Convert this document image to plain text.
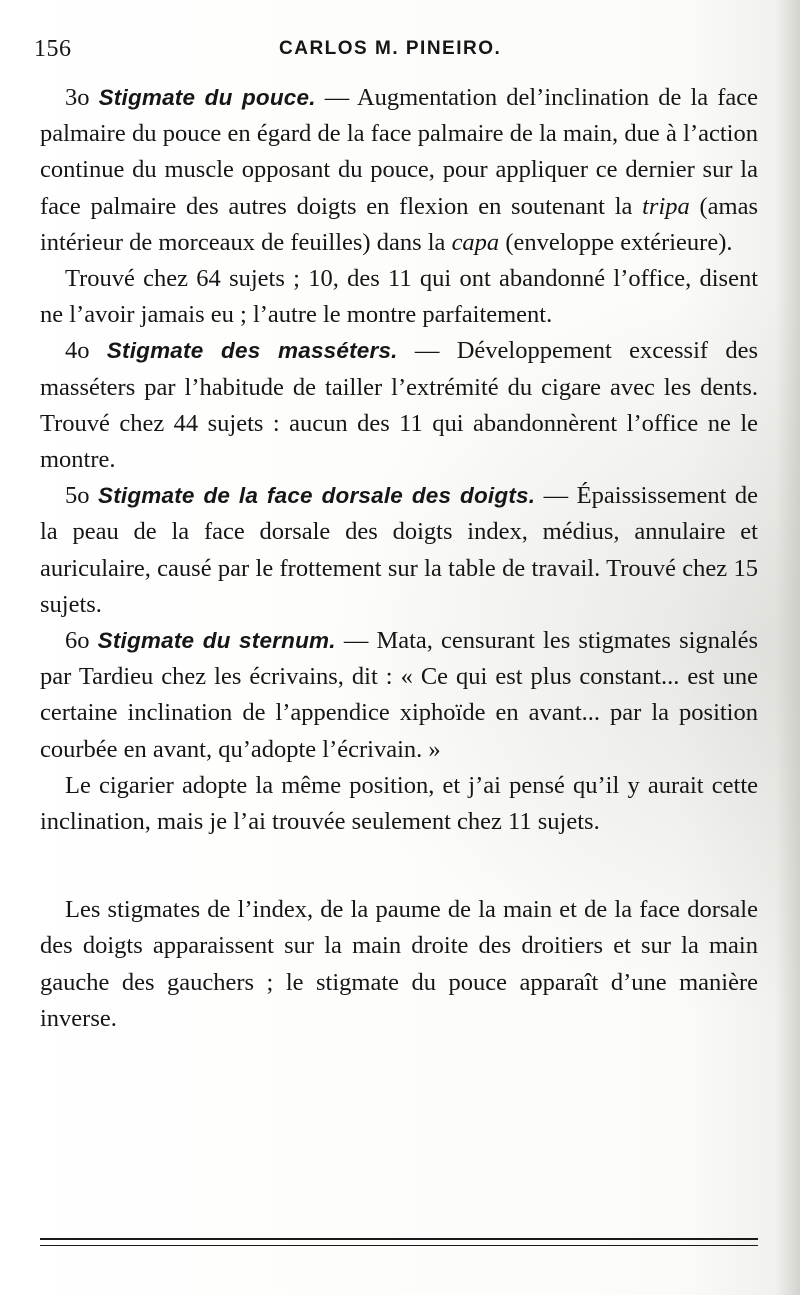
156	CARLOS M. PINEIRO.

3o Stigmate du pouce. — Augmentation del’inclination de la face palmaire du pouce en égard de la face palmaire de la main, due à l’action continue du muscle opposant du pouce, pour appliquer ce dernier sur la face palmaire des autres doigts en flexion en soutenant la tripa (amas intérieur de morceaux de feuilles) dans la capa (enveloppe extérieure).

Trouvé chez 64 sujets ; 10, des 11 qui ont abandonné l’office, disent ne l’avoir jamais eu ; l’autre le montre parfaitement.

4o Stigmate des masséters. — Développement excessif des masséters par l’habitude de tailler l’extrémité du cigare avec les dents. Trouvé chez 44 sujets : aucun des 11 qui abandonnèrent l’office ne le montre.

5o Stigmate de la face dorsale des doigts. — Épaississement de la peau de la face dorsale des doigts index, médius, annulaire et auriculaire, causé par le frottement sur la table de travail. Trouvé chez 15 sujets.

6o Stigmate du sternum. — Mata, censurant les stigmates signalés par Tardieu chez les écrivains, dit : « Ce qui est plus constant... est une certaine inclination de l’appendice xiphoïde en avant... par la position courbée en avant, qu’adopte l’écrivain. »

Le cigarier adopte la même position, et j’ai pensé qu’il y aurait cette inclination, mais je l’ai trouvée seulement chez 11 sujets.

Les stigmates de l’index, de la paume de la main et de la face dorsale des doigts apparaissent sur la main droite des droitiers et sur la main gauche des gauchers ; le stigmate du pouce apparaît d’une manière inverse.
